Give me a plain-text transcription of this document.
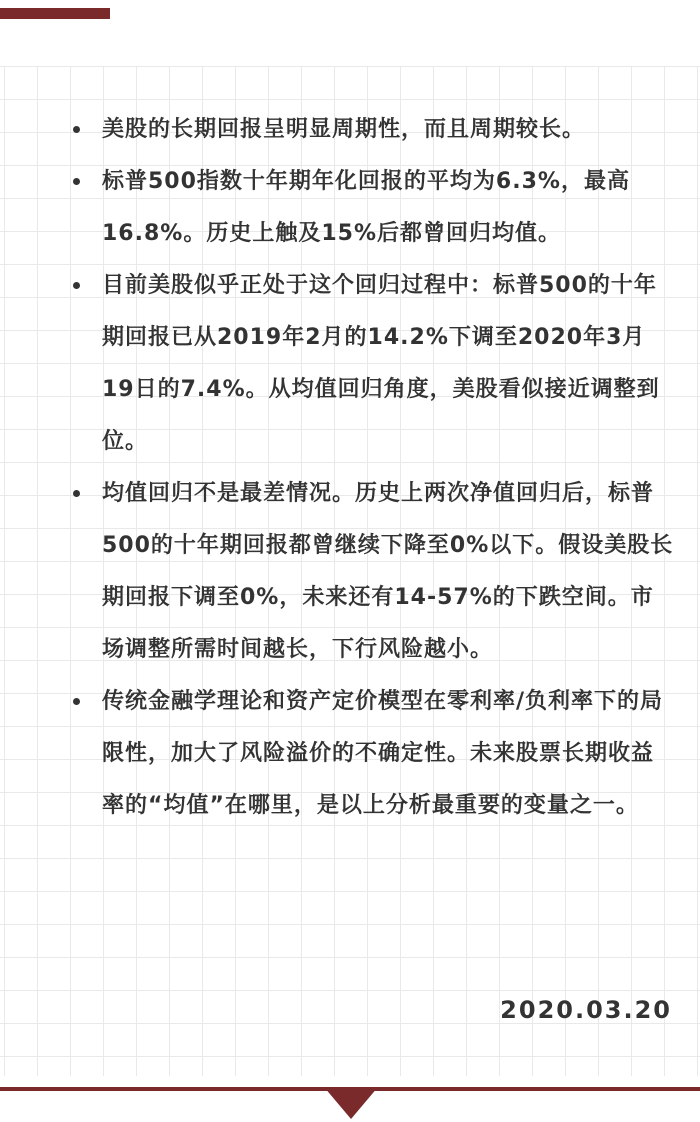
美股的长期回报呈明显周期性，而且周期较长。
标普500指数十年期年化回报的平均为6.3%，最高16.8%。历史上触及15%后都曾回归均值。
目前美股似乎正处于这个回归过程中：标普500的十年期回报已从2019年2月的14.2%下调至2020年3月19日的7.4%。从均值回归角度，美股看似接近调整到位。
均值回归不是最差情况。历史上两次净值回归后，标普500的十年期回报都曾继续下降至0%以下。假设美股长期回报下调至0%，未来还有14-57%的下跌空间。市场调整所需时间越长，下行风险越小。
传统金融学理论和资产定价模型在零利率/负利率下的局限性，加大了风险溢价的不确定性。未来股票长期收益率的“均值”在哪里，是以上分析最重要的变量之一。
2020.03.20
